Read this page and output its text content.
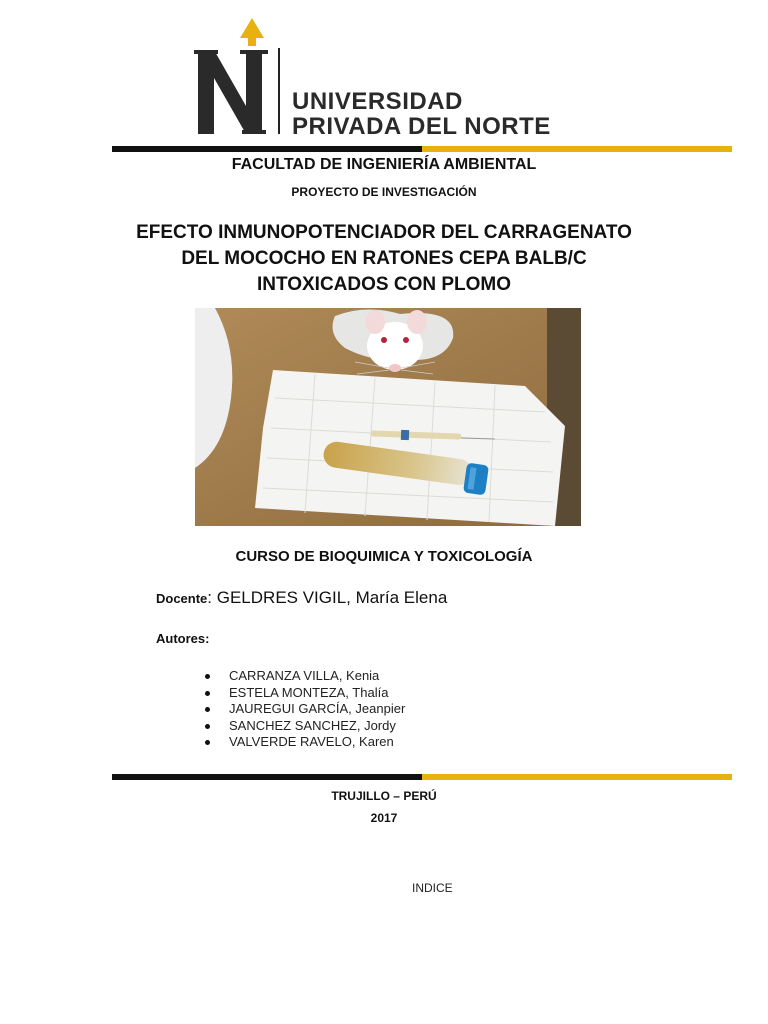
UNIVERSIDAD
PRIVADA DEL NORTE
FACULTAD DE INGENIERÍA AMBIENTAL
PROYECTO DE INVESTIGACIÓN
EFECTO INMUNOPOTENCIADOR DEL CARRAGENATO
DEL MOCOCHO EN RATONES CEPA BALB/C
INTOXICADOS CON PLOMO
CURSO DE BIOQUIMICA Y TOXICOLOGÍA
Docente: GELDRES VIGIL, María Elena
Autores:
CARRANZA VILLA, Kenia
ESTELA MONTEZA, Thalía
JAUREGUI GARCÍA, Jeanpier
SANCHEZ SANCHEZ, Jordy
VALVERDE RAVELO, Karen
TRUJILLO – PERÚ
2017
INDICE
